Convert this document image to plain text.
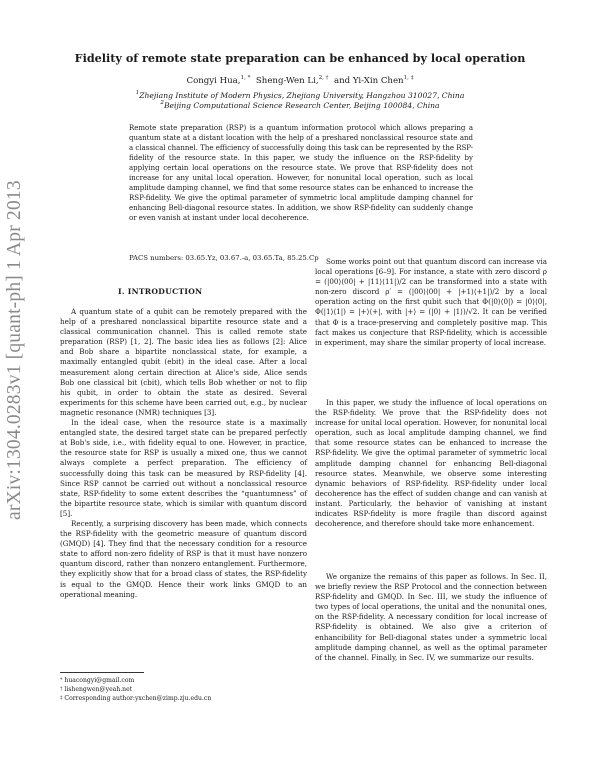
arXiv:1304.0283v1 [quant-ph] 1 Apr 2013
Fidelity of remote state preparation can be enhanced by local operation
Congyi Hua,$^{1, *}$ Sheng-Wen Li,$^{2, \dagger}$ and Yi-Xin Chen$^{1, \ddagger}$
$^1$Zhejiang Institute of Modern Physics, Zhejiang University, Hangzhou 310027, China
$^2$Beijing Computational Science Research Center, Beijing 100084, China

Remote state preparation (RSP) is a quantum information protocol which allows preparing a quantum state at a distant location with the help of a preshared nonclassical resource state and a classical channel. The efficiency of successfully doing this task can be represented by the RSP-fidelity of the resource state. In this paper, we study the influence on the RSP-fidelity by applying certain local operations on the resource state. We prove that RSP-fidelity does not increase for any unital local operation. However, for nonunital local operation, such as local amplitude damping channel, we find that some resource states can be enhanced to increase the RSP-fidelity. We give the optimal parameter of symmetric local amplitude damping channel for enhancing Bell-diagonal resource states. In addition, we show RSP-fidelity can suddenly change or even vanish at instant under local decoherence.

PACS numbers: 03.65.Yz, 03.67.-a, 03.65.Ta, 85.25.Cp
I. INTRODUCTION

A quantum state of a qubit can be remotely prepared with the help of a preshared nonclassical bipartite resource state and a classical communication channel. This is called remote state preparation (RSP) [1, 2]. The basic idea lies as follows [2]: Alice and Bob share a bipartite nonclassical state, for example, a maximally entangled qubit (ebit) in the ideal case. After a local measurement along certain direction at Alice's side, Alice sends Bob one classical bit (cbit), which tells Bob whether or not to flip his qubit, in order to obtain the state as desired. Several experiments for this scheme have been carried out, e.g., by nuclear magnetic resonance (NMR) techniques [3].

In the ideal case, when the resource state is a maximally entangled state, the desired target state can be prepared perfectly at Bob's side, i.e., with fidelity equal to one. However, in practice, the resource state for RSP is usually a mixed one, thus we cannot always complete a perfect preparation. The efficiency of successfully doing this task can be measured by RSP-fidelity [4]. Since RSP cannot be carried out without a nonclassical resource state, RSP-fidelity to some extent describes the “quantumness” of the bipartite resource state, which is similar with quantum discord [5].

Recently, a surprising discovery has been made, which connects the RSP-fidelity with the geometric measure of quantum discord (GMQD) [4]. They find that the necessary condition for a resource state to afford non-zero fidelity of RSP is that it must have nonzero quantum discord, rather than nonzero entanglement. Furthermore, they explicitly show that for a broad class of states, the RSP-fidelity is equal to the GMQD. Hence their work links GMQD to an operational meaning.

Some works point out that quantum discord can increase via local operations [6–9]. For instance, a state with zero discord ρ = (|00⟩⟨00| + |11⟩⟨11|)/2 can be transformed into a state with non-zero discord ρ′ = (|00⟩⟨00| + |+1⟩⟨+1|)/2 by a local operation acting on the first qubit such that Φ(|0⟩⟨0|) = |0⟩⟨0|, Φ(|1⟩⟨1|) = |+⟩⟨+|, with |+⟩ = (|0⟩ + |1⟩)/√2. It can be verified that Φ is a trace-preserving and completely positive map. This fact makes us conjecture that RSP-fidelity, which is accessible in experiment, may share the similar property of local increase.

In this paper, we study the influence of local operations on the RSP-fidelity. We prove that the RSP-fidelity does not increase for unital local operation. However, for nonunital local operation, such as local amplitude damping channel, we find that some resource states can be enhanced to increase the RSP-fidelity. We give the optimal parameter of symmetric local amplitude damping channel for enhancing Bell-diagonal resource states. Meanwhile, we observe some interesting dynamic behaviors of RSP-fidelity. RSP-fidelity under local decoherence has the effect of sudden change and can vanish at instant. Particularly, the behavior of vanishing at instant indicates RSP-fidelity is more fragile than discord against decoherence, and therefore should take more enhancement.

We organize the remains of this paper as follows. In Sec. II, we briefly review the RSP Protocol and the connection between RSP-fidelity and GMQD. In Sec. III, we study the influence of two types of local operations, the unital and the nonunital ones, on the RSP-fidelity. A necessary condition for local increase of RSP-fidelity is obtained. We also give a criterion of enhancibility for Bell-diagonal states under a symmetric local amplitude damping channel, as well as the optimal parameter of the channel. Finally, in Sec. IV, we summarize our results.

* huacongyi@gmail.com
† lishengwen@yeah.net
‡ Corresponding author:yxchen@zimp.zju.edu.cn
